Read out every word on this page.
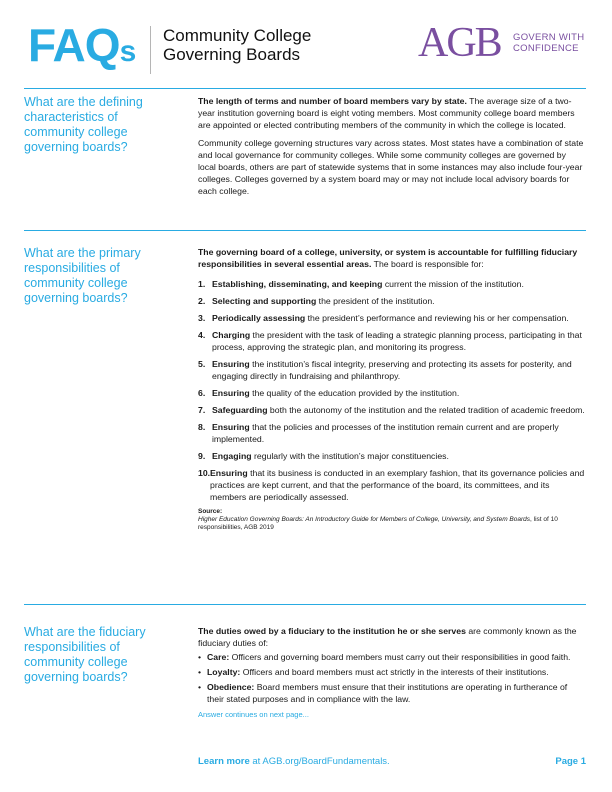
FAQs Community College
Governing Boards	AGB GOVERN WITH
CONFIDENCE
What are the defining characteristics of community college governing boards?

The length of terms and number of board members vary by state. The average size of a two-year institution governing board is eight voting members. Most community college board members are appointed or elected contributing members of the community in which the college is located.

Community college governing structures vary across states. Most states have a combination of state and local governance for community colleges. While some community colleges are governed by local boards, others are part of statewide systems that in some instances may also include four-year colleges. Colleges governed by a system board may or may not include local advisory boards for each college.

What are the primary responsibilities of community college governing boards?

The governing board of a college, university, or system is accountable for fulfilling fiduciary responsibilities in several essential areas. The board is responsible for:

1. Establishing, disseminating, and keeping current the mission of the institution.
2. Selecting and supporting the president of the institution.
3. Periodically assessing the president’s performance and reviewing his or her compensation.
4. Charging the president with the task of leading a strategic planning process, participating in that process, approving the strategic plan, and monitoring its progress.
5. Ensuring the institution’s fiscal integrity, preserving and protecting its assets for posterity, and engaging directly in fundraising and philanthropy.
6. Ensuring the quality of the education provided by the institution.
7. Safeguarding both the autonomy of the institution and the related tradition of academic freedom.
8. Ensuring that the policies and processes of the institution remain current and are properly implemented.
9. Engaging regularly with the institution’s major constituencies.
10. Ensuring that its business is conducted in an exemplary fashion, that its governance policies and practices are kept current, and that the performance of the board, its committees, and its members are periodically assessed.
Source:
Higher Education Governing Boards: An Introductory Guide for Members of College, University, and System Boards, list of 10 responsibilities, AGB 2019
What are the fiduciary responsibilities of community college governing boards?

The duties owed by a fiduciary to the institution he or she serves are commonly known as the fiduciary duties of:

• Care: Officers and governing board members must carry out their responsibilities in good faith.
• Loyalty: Officers and board members must act strictly in the interests of their institutions.
• Obedience: Board members must ensure that their institutions are operating in furtherance of their stated purposes and in compliance with the law.
Answer continues on next page...
Learn more at AGB.org/BoardFundamentals.	Page 1
